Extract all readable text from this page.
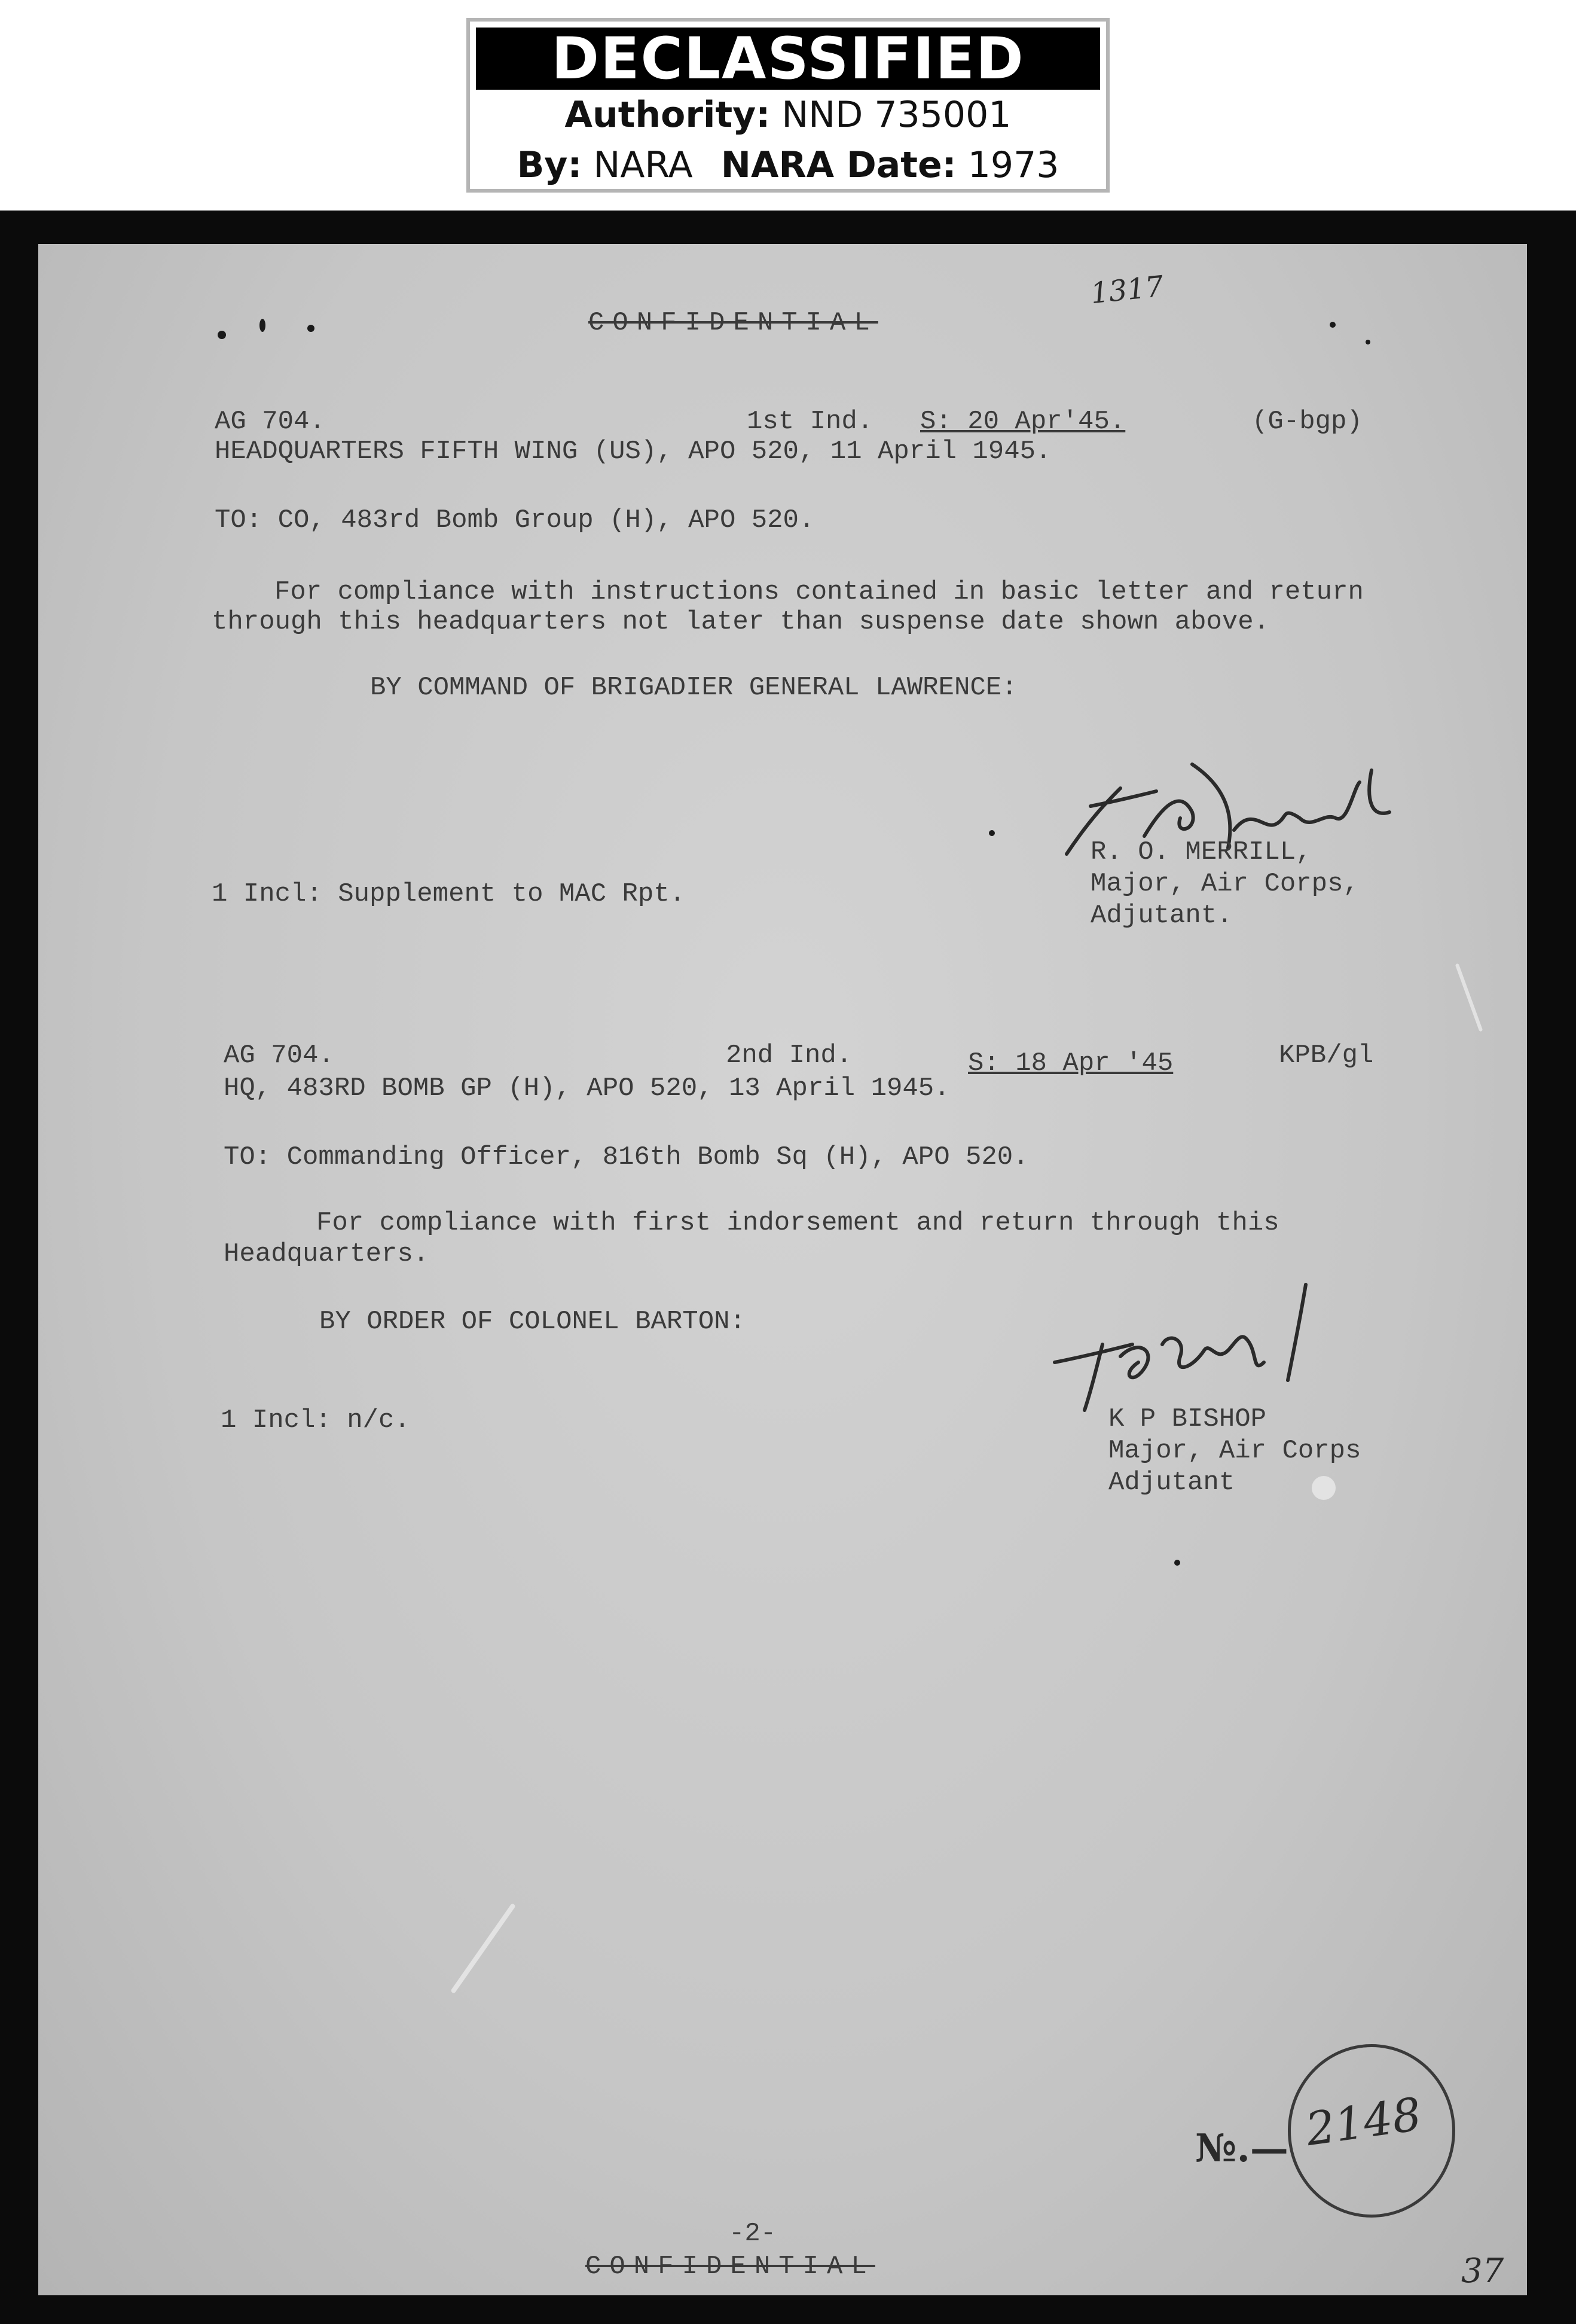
DECLASSIFIED
Authority: NND 735001
By: NARA NARA Date: 1973
1317
CONFIDENTIAL
AG 704.	1st Ind. S: 20 Apr'45.	(G-bgp)
HEADQUARTERS FIFTH WING (US), APO 520, 11 April 1945.
TO: CO, 483rd Bomb Group (H), APO 520.
For compliance with instructions contained in basic letter and return
through this headquarters not later than suspense date shown above.
BY COMMAND OF BRIGADIER GENERAL LAWRENCE:
R. O. MERRILL,
Major, Air Corps,
Adjutant.
1 Incl: Supplement to MAC Rpt.
AG 704.	2nd Ind.	S: 18 Apr '45	KPB/gl
HQ, 483RD BOMB GP (H), APO 520, 13 April 1945.
TO: Commanding Officer, 816th Bomb Sq (H), APO 520.
For compliance with first indorsement and return through this
Headquarters.
BY ORDER OF COLONEL BARTON:
K P BISHOP
Major, Air Corps
Adjutant
1 Incl: n/c.
№.— 2148
-2-
CONFIDENTIAL	37
